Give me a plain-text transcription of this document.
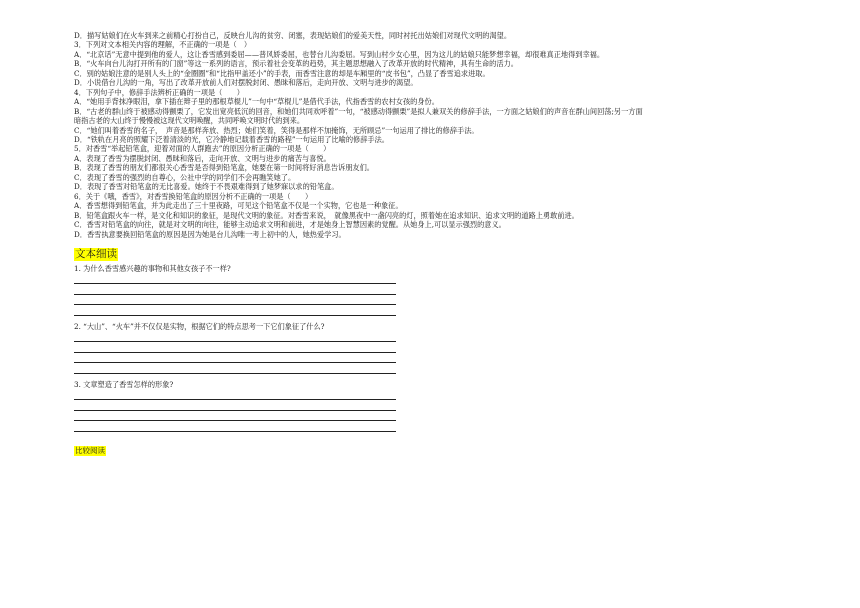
D．描写姑娘们在火车到来之前精心打扮自己，反映台儿沟的贫穷、闭塞，表现姑娘们的爱美天性，同时衬托出姑娘们对现代文明的渴望。
3．下列对文本相关内容的理解，不正确的一项是（　）
A．“北京话”无意中提到他的爱人，这让香雪感到委屈——普风娇委屈，也替台儿沟委屈。写到山村少女心里，因为这儿的姑娘只能梦想幸福，却很难真正地得到幸福。
B．“火车向台儿沟打开所有的门窗”等这一系列的语言，预示着社会变革的趋势，其主题思想融入了改革开放的时代精神，具有生命的活力。
C．别的姑娘注意的是别人头上的“金圈圈”和“比指甲盖还小”的手表，而香雪注意的却是车厢里的“皮书包”，凸显了香雪追求进取。
D．小说借台儿沟的一角，写出了改革开放前人们对摆脱封闭、愚昧和落后，走向开放、文明与进步的渴望。
4．下列句子中，修辞手法辨析正确的一项是（　　）
A．“她用手背抹净眼泪，拿下插在辫子里的那根草棍儿”一句中“草棍儿”是借代手法，代指香雪的农村女孩的身份。
B．“古老的群山终于被感动得颤栗了，它发出宽亮低沉的回音，和她们共同欢呼着”一句，“被感动得颤栗”是拟人兼双关的修辞手法，一方面之姑娘们的声音在群山间回荡;另一方面
暗指古老的大山终于慢慢被这现代文明唤醒，共同呼唤文明时代的到来。
C．“她们叫着香雪的名子，　声音是那样奔放、热烈；她们笑着，笑得是那样不加掩饰，无所顾忌”一句运用了排比的修辞手法。
D．“铁轨在月亮的照耀下泛着清淡的光，它冷静地记载着香雪的路程”一句运用了比喻的修辞手法。
5．对香雪“举起铅笔盒，迎着对面的人群跑去”的原因分析正确的一项是（　　）
A．表现了香雪为摆脱封闭、愚昧和落后，走向开放、文明与进步的痛苦与喜悦。
B．表现了香雪的朋友们都很关心香雪是否得到铅笔盒，她要在第一时间将好消息告诉朋友们。
C．表现了香雪的强烈的自尊心，公社中学的同学们不会再瞧笑她了。
D．表现了香雪对铅笔盒的无比喜爱。她终于不畏艰难得到了她梦寐以求的铅笔盒。
6．关于《哦，香雪》，对香雪换铅笔盒的原因分析不正确的一项是（　　）
A．香雪想得到铅笔盒，并为此走出了三十里夜路，可见这个铅笔盒不仅是一个实物，它也是一种象征。
B．铅笔盒跟火车一样，是文化和知识的象征，是现代文明的象征。对香雪来说，　就像黑夜中一盏闪亮的灯，照着她在追求知识、追求文明的道路上勇敢前进。
C．香雪对铅笔盒的向往，就是对文明的向往，能够主动追求文明和前进，才是她身上智慧因素的觉醒。从她身上,可以显示强烈的意义。
D．香雪执意要换回铅笔盒的原因是因为她是台儿沟唯一考上初中的人，她热爱学习。
文本细读
1. 为什么香雪感兴趣的事物和其他女孩子不一样?
2. “大山”、“火车”并不仅仅是实物，根据它们的特点思考一下它们象征了什么?
3. 文章塑造了香雪怎样的形象?
比较阅读
